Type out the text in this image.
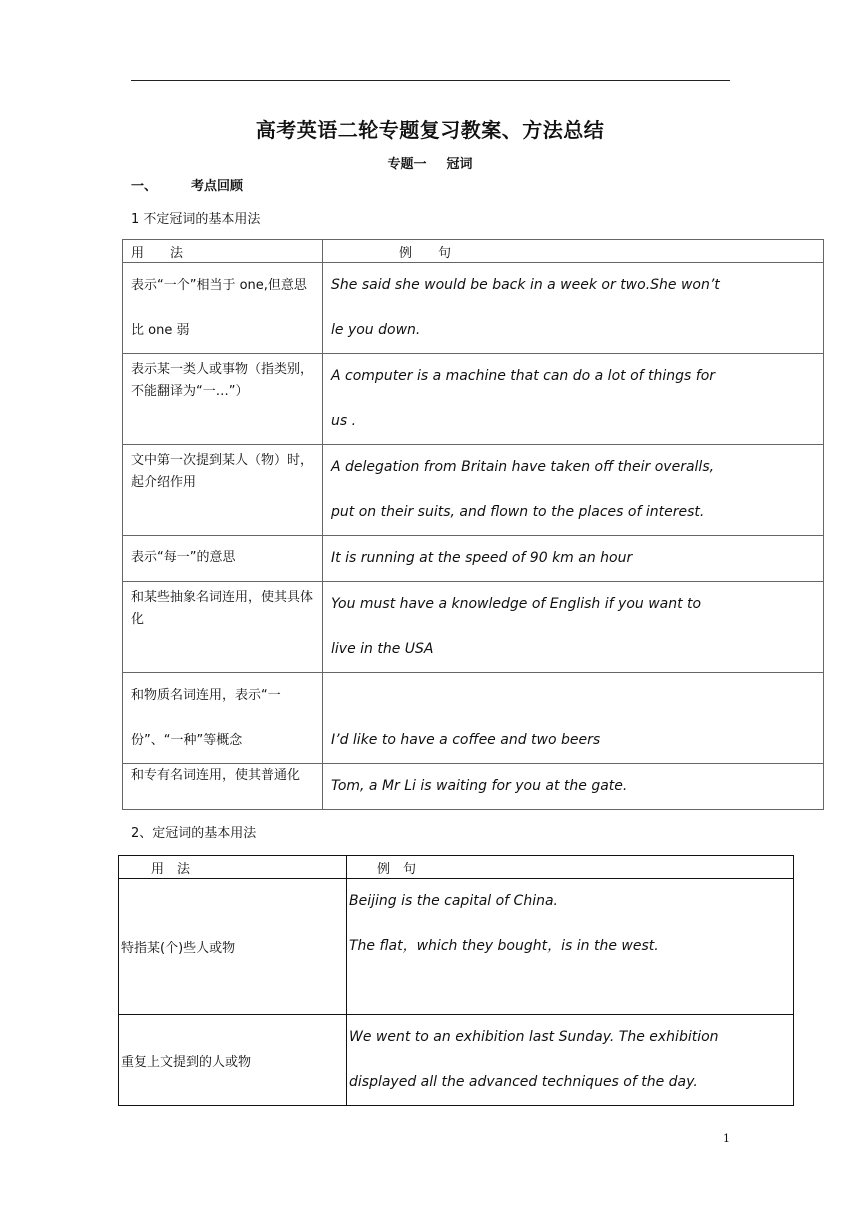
高考英语二轮专题复习教案、方法总结
专题一 冠词
一、	考点回顾
1 不定冠词的基本用法
用　　法	例　　句
表示“一个”相当于 one,但意思比 one 弱	She said she would be back in a week or two.She won’t
le you down.

表示某一类人或事物（指类别，不能翻译为“一…”）	A computer is a machine that can do a lot of things for
us .

文中第一次提到某人（物）时，起介绍作用	A delegation from Britain have taken off their overalls,
put on their suits, and flown to the places of interest.

表示“每一”的意思	It is running at the speed of 90 km an hour

和某些抽象名词连用，使其具体化	You must have a knowledge of English if you want to
live in the USA

和物质名词连用，表示“一份”、“一种”等概念	I’d like to have a coffee and two beers

和专有名词连用，使其普通化	Tom, a Mr Li is waiting for you at the gate.
2、定冠词的基本用法
用　法	例　句
特指某(个)些人或物	Beijing is the capital of China.
The flat，which they bought，is in the west.

重复上文提到的人或物	We went to an exhibition last Sunday. The exhibition
displayed all the advanced techniques of the day.
1
